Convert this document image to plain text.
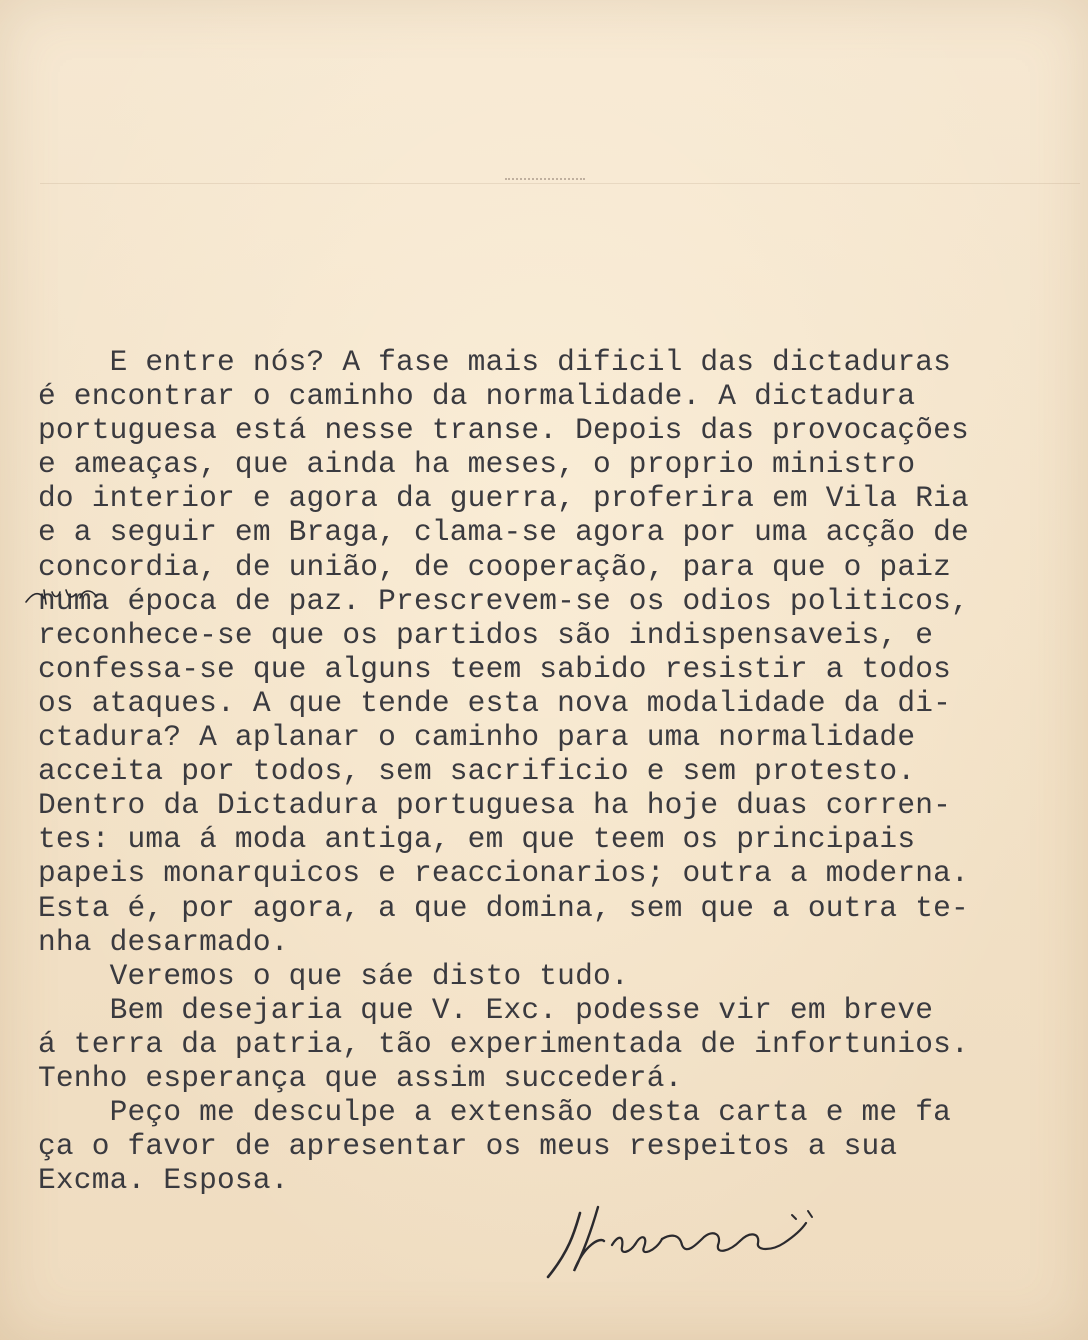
E entre nós? A fase mais dificil das dictaduras
é encontrar o caminho da normalidade. A dictadura
portuguesa está nesse transe. Depois das provocações
e ameaças, que ainda ha meses, o proprio ministro
do interior e agora da guerra, proferira em Vila Ria
e a seguir em Braga, clama-se agora por uma acção de
concordia, de união, de cooperação, para que o paiz
numa época de paz. Prescrevem-se os odios politicos,
reconhece-se que os partidos são indispensaveis, e
confessa-se que alguns teem sabido resistir a todos
os ataques. A que tende esta nova modalidade da di-
ctadura? A aplanar o caminho para uma normalidade
acceita por todos, sem sacrificio e sem protesto.
Dentro da Dictadura portuguesa ha hoje duas corren-
tes: uma á moda antiga, em que teem os principais
papeis monarquicos e reaccionarios; outra a moderna.
Esta é, por agora, a que domina, sem que a outra te-
nha desarmado.
Veremos o que sáe disto tudo.
Bem desejaria que V. Exc. podesse vir em breve
á terra da patria, tão experimentada de infortunios.
Tenho esperança que assim succederá.
Peço me desculpe a extensão desta carta e me fa
ça o favor de apresentar os meus respeitos a sua
Excma. Esposa.
